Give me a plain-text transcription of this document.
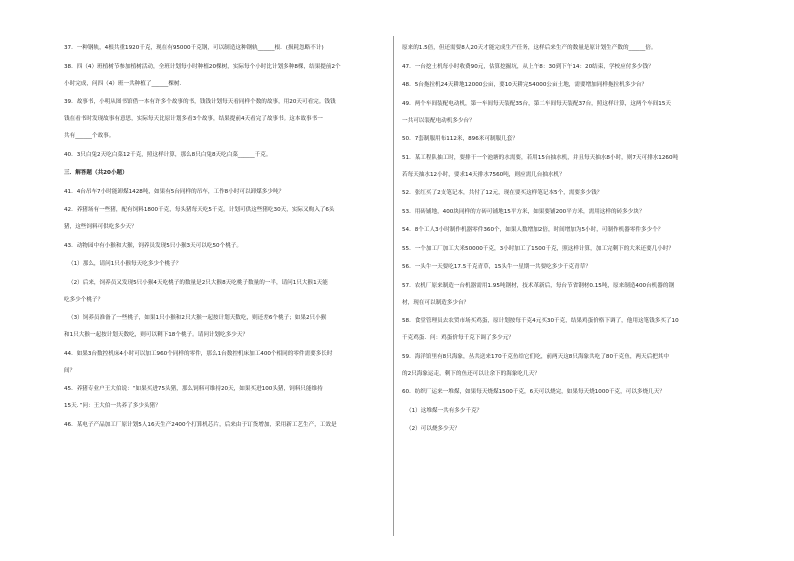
37．一种钢轨，4根共重1920千克，现在有95000千克钢，可以制造这种钢轨______根．(损耗忽略不计)
38．四（4）班植树节参加植树活动，全班计划每小时种植20棵树，实际每个小时比计划多种8棵，结果提前2个
小时完成，问四（4）班一共种植了______棵树.
39．故事书，小明从图书馆借一本有许多个故事的书，钱钱计划每天看同样个数的故事，用20天可看完。钱钱
钱在看书时发现故事有意思，实际每天比原计划多看3个故事，结果提前4天看完了故事书。这本故事书一
共有______个故事。
40．3只白兔2天吃白菜12千克，照这样计算，那么8只白兔8天吃白菜______千克。
三．解答题（共20小题）
41．4台吊车7小时能卸煤1428吨，如果有5台同样的吊车，工作8小时可以卸煤多少吨？
42．养猪场有一些猪，配有饲料1800千克，每头猪每天吃5千克，计划可供这些猪吃30天，实际又购入了6头
猪，这些饲料可供吃多少天？
43．动物园中有小猴和大猴，饲养员发现5只小猴3天可以吃50个桃子。
（1）那么，请问1只小猴每天吃多少个桃子？
（2）后来，饲养员又发现5只小猴4天吃桃子的数量是2只大猴8天吃桃子数量的一半，请问1只大猴1天能
吃多少个桃子？
（3）饲养员准备了一些桃子，如果1只小猴和2只大猴一起按计划天数吃，则还差6个桃子；如果2只小猴
和1只大猴一起按计划天数吃，则可以剩下18个桃子。请问计划吃多少天？
44．如果3台数控机床4小时可以加工960个同样的零件，那么1台数控机床加工400个相同的零件需要多长时
间？
45．养猪专业户王大伯说：“如果买进75头猪，那么饲料可维持20天，如果买进100头猪，饲料只能维持
15天．”问：王大伯一共养了多少头猪？
46．某电子产品加工厂原计划5人16天生产2400个打算机芯片，后来由于订货增加，采用新工艺生产，工效是
原来的1.5倍，但还需要8人20天才能完成生产任务，这样后来生产的数量是原计划生产数的______倍。
47．一台挖土机每小时收费90元，估算挖掘坑，从上午8：30到下午14：20结束，学校应付多少钱？
48．5台拖拉机24天耕地12000公亩，要10天耕完54000公亩土地，需要增加同样拖拉机多少台？
49．两个车间装配电动机，第一车间每天装配35台，第二车间每天装配37台，照这样计算，这两个车间15天
一共可以装配电动机多少台？
50．7套制服用布112米，896米可制服几套？
51．某工程队抽工时，要排干一个池塘的水需要，若用15台抽水机，并且每天抽水8小时，则7天可排水1260吨
若每天抽水12小时，要求14天排水7560吨，则应需几台抽水机？
52．张红买了2支笔记本，共付了12元，现在要买这样笔记本5个，需要多少钱？
53．用砖铺地，400块同样的方砖可铺地15平方米，如果要铺200平方米，需用这样的砖多少块？
54．8个工人3小时制作机器零件360个，如果人数增加2倍，时间增加为5小时，可制作机器零件多少个？
55．一个加工厂加工大米50000千克，3小时加工了1500千克，照这样计算，加工完剩下的大米还要几小时？
56．一头牛一天要吃17.5千克青草，15头牛一星期一共要吃多少千克青草？
57．农机厂原来制造一台机器需用1.95吨钢材，技术革新后，每台节省钢材0.15吨，原来制造400台机器的钢
材，现在可以制造多少台？
58．食堂管理员去农贸市场买鸡蛋，原计划按每千克4元买30千克，结果鸡蛋价格下调了，他用这笔钱多买了10
千克鸡蛋．问：鸡蛋价每千克下调了多少元？
59．海洋馆里有8只海象，丛共送来170千克鱼给它们吃，前两天这8只海象共吃了80千克鱼，两天后把其中
的2只海象运走，剩下的鱼还可以让余下的海象吃几天？
60．纺织厂运来一堆煤，如果每天烧煤1500千克，6天可以烧完，如果每天烧1000千克，可以多烧几天？
（1）这堆煤一共有多少千克？
（2）可以烧多少天？
